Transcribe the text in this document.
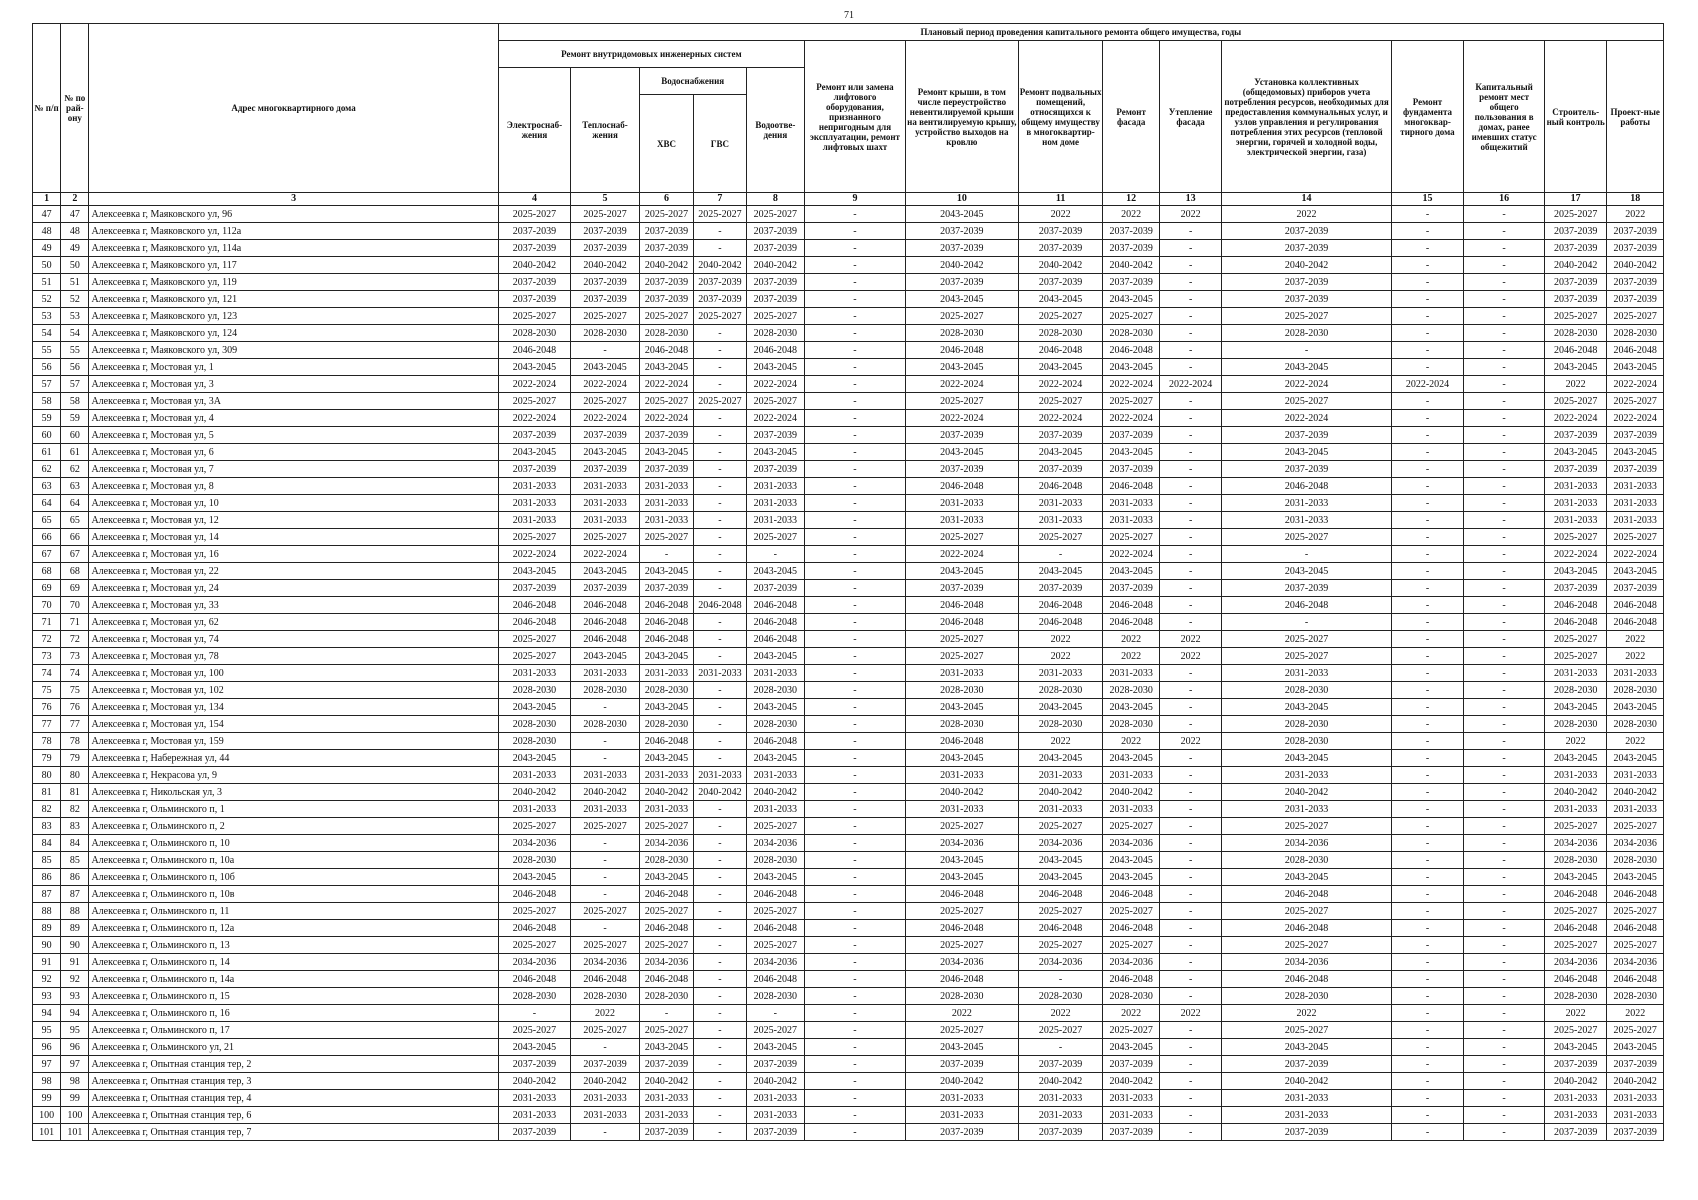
71
№ п/п	№ по рай-ону	Адрес многоквартирного дома	Плановый период проведения капитального ремонта общего имущества, годы														
			Ремонт внутридомовых инженерных систем					Ремонт или замена лифтового оборудования, признанного непригодным для эксплуатации, ремонт лифтовых шахт	Ремонт крыши, в том числе переустройство невентилируемой крыши на вентилируемую крышу, устройство выходов на кровлю	Ремонт подвальных помещений, относящихся к общему имуществу в многоквартир-ном доме	Ремонт фасада	Утепление фасада	Установка коллективных (общедомовых) приборов учета потребления ресурсов, необходимых для предоставления коммунальных услуг, и узлов управления и регулирования потребления этих ресурсов (тепловой энергии, горячей и холодной воды, электрической энергии, газа)	Ремонт фундамента многоквар-тирного дома	Капитальный ремонт мест общего пользования в домах, ранее имевших статус общежитий	Строитель-ный контроль	Проект-ные работы
			Электроснаб-жения	Теплоснаб-жения	Водоснабжения		Водоотве-дения										
					ХВС	ГВС											
1	2	3	4	5	6	7	8	9	10	11	12	13	14	15	16	17	18
47	47	Алексеевка г, Маяковского ул, 96	2025-2027	2025-2027	2025-2027	2025-2027	2025-2027	-	2043-2045	2022	2022	2022	2022	-	-	2025-2027	2022
48	48	Алексеевка г, Маяковского ул, 112а	2037-2039	2037-2039	2037-2039	-	2037-2039	-	2037-2039	2037-2039	2037-2039	-	2037-2039	-	-	2037-2039	2037-2039
49	49	Алексеевка г, Маяковского ул, 114а	2037-2039	2037-2039	2037-2039	-	2037-2039	-	2037-2039	2037-2039	2037-2039	-	2037-2039	-	-	2037-2039	2037-2039
50	50	Алексеевка г, Маяковского ул, 117	2040-2042	2040-2042	2040-2042	2040-2042	2040-2042	-	2040-2042	2040-2042	2040-2042	-	2040-2042	-	-	2040-2042	2040-2042
51	51	Алексеевка г, Маяковского ул, 119	2037-2039	2037-2039	2037-2039	2037-2039	2037-2039	-	2037-2039	2037-2039	2037-2039	-	2037-2039	-	-	2037-2039	2037-2039
52	52	Алексеевка г, Маяковского ул, 121	2037-2039	2037-2039	2037-2039	2037-2039	2037-2039	-	2043-2045	2043-2045	2043-2045	-	2037-2039	-	-	2037-2039	2037-2039
53	53	Алексеевка г, Маяковского ул, 123	2025-2027	2025-2027	2025-2027	2025-2027	2025-2027	-	2025-2027	2025-2027	2025-2027	-	2025-2027	-	-	2025-2027	2025-2027
54	54	Алексеевка г, Маяковского ул, 124	2028-2030	2028-2030	2028-2030	-	2028-2030	-	2028-2030	2028-2030	2028-2030	-	2028-2030	-	-	2028-2030	2028-2030
55	55	Алексеевка г, Маяковского ул, 309	2046-2048	-	2046-2048	-	2046-2048	-	2046-2048	2046-2048	2046-2048	-	-	-	-	2046-2048	2046-2048
56	56	Алексеевка г, Мостовая ул, 1	2043-2045	2043-2045	2043-2045	-	2043-2045	-	2043-2045	2043-2045	2043-2045	-	2043-2045	-	-	2043-2045	2043-2045
57	57	Алексеевка г, Мостовая ул, 3	2022-2024	2022-2024	2022-2024	-	2022-2024	-	2022-2024	2022-2024	2022-2024	2022-2024	2022-2024	2022-2024	-	2022	2022-2024
58	58	Алексеевка г, Мостовая ул, 3А	2025-2027	2025-2027	2025-2027	2025-2027	2025-2027	-	2025-2027	2025-2027	2025-2027	-	2025-2027	-	-	2025-2027	2025-2027
59	59	Алексеевка г, Мостовая ул, 4	2022-2024	2022-2024	2022-2024	-	2022-2024	-	2022-2024	2022-2024	2022-2024	-	2022-2024	-	-	2022-2024	2022-2024
60	60	Алексеевка г, Мостовая ул, 5	2037-2039	2037-2039	2037-2039	-	2037-2039	-	2037-2039	2037-2039	2037-2039	-	2037-2039	-	-	2037-2039	2037-2039
61	61	Алексеевка г, Мостовая ул, 6	2043-2045	2043-2045	2043-2045	-	2043-2045	-	2043-2045	2043-2045	2043-2045	-	2043-2045	-	-	2043-2045	2043-2045
62	62	Алексеевка г, Мостовая ул, 7	2037-2039	2037-2039	2037-2039	-	2037-2039	-	2037-2039	2037-2039	2037-2039	-	2037-2039	-	-	2037-2039	2037-2039
63	63	Алексеевка г, Мостовая ул, 8	2031-2033	2031-2033	2031-2033	-	2031-2033	-	2046-2048	2046-2048	2046-2048	-	2046-2048	-	-	2031-2033	2031-2033
64	64	Алексеевка г, Мостовая ул, 10	2031-2033	2031-2033	2031-2033	-	2031-2033	-	2031-2033	2031-2033	2031-2033	-	2031-2033	-	-	2031-2033	2031-2033
65	65	Алексеевка г, Мостовая ул, 12	2031-2033	2031-2033	2031-2033	-	2031-2033	-	2031-2033	2031-2033	2031-2033	-	2031-2033	-	-	2031-2033	2031-2033
66	66	Алексеевка г, Мостовая ул, 14	2025-2027	2025-2027	2025-2027	-	2025-2027	-	2025-2027	2025-2027	2025-2027	-	2025-2027	-	-	2025-2027	2025-2027
67	67	Алексеевка г, Мостовая ул, 16	2022-2024	2022-2024	-	-	-	-	2022-2024	-	2022-2024	-	-	-	-	2022-2024	2022-2024
68	68	Алексеевка г, Мостовая ул, 22	2043-2045	2043-2045	2043-2045	-	2043-2045	-	2043-2045	2043-2045	2043-2045	-	2043-2045	-	-	2043-2045	2043-2045
69	69	Алексеевка г, Мостовая ул, 24	2037-2039	2037-2039	2037-2039	-	2037-2039	-	2037-2039	2037-2039	2037-2039	-	2037-2039	-	-	2037-2039	2037-2039
70	70	Алексеевка г, Мостовая ул, 33	2046-2048	2046-2048	2046-2048	2046-2048	2046-2048	-	2046-2048	2046-2048	2046-2048	-	2046-2048	-	-	2046-2048	2046-2048
71	71	Алексеевка г, Мостовая ул, 62	2046-2048	2046-2048	2046-2048	-	2046-2048	-	2046-2048	2046-2048	2046-2048	-	-	-	-	2046-2048	2046-2048
72	72	Алексеевка г, Мостовая ул, 74	2025-2027	2046-2048	2046-2048	-	2046-2048	-	2025-2027	2022	2022	2022	2025-2027	-	-	2025-2027	2022
73	73	Алексеевка г, Мостовая ул, 78	2025-2027	2043-2045	2043-2045	-	2043-2045	-	2025-2027	2022	2022	2022	2025-2027	-	-	2025-2027	2022
74	74	Алексеевка г, Мостовая ул, 100	2031-2033	2031-2033	2031-2033	2031-2033	2031-2033	-	2031-2033	2031-2033	2031-2033	-	2031-2033	-	-	2031-2033	2031-2033
75	75	Алексеевка г, Мостовая ул, 102	2028-2030	2028-2030	2028-2030	-	2028-2030	-	2028-2030	2028-2030	2028-2030	-	2028-2030	-	-	2028-2030	2028-2030
76	76	Алексеевка г, Мостовая ул, 134	2043-2045	-	2043-2045	-	2043-2045	-	2043-2045	2043-2045	2043-2045	-	2043-2045	-	-	2043-2045	2043-2045
77	77	Алексеевка г, Мостовая ул, 154	2028-2030	2028-2030	2028-2030	-	2028-2030	-	2028-2030	2028-2030	2028-2030	-	2028-2030	-	-	2028-2030	2028-2030
78	78	Алексеевка г, Мостовая ул, 159	2028-2030	-	2046-2048	-	2046-2048	-	2046-2048	2022	2022	2022	2028-2030	-	-	2022	2022
79	79	Алексеевка г, Набережная ул, 44	2043-2045	-	2043-2045	-	2043-2045	-	2043-2045	2043-2045	2043-2045	-	2043-2045	-	-	2043-2045	2043-2045
80	80	Алексеевка г, Некрасова ул, 9	2031-2033	2031-2033	2031-2033	2031-2033	2031-2033	-	2031-2033	2031-2033	2031-2033	-	2031-2033	-	-	2031-2033	2031-2033
81	81	Алексеевка г, Никольская ул, 3	2040-2042	2040-2042	2040-2042	2040-2042	2040-2042	-	2040-2042	2040-2042	2040-2042	-	2040-2042	-	-	2040-2042	2040-2042
82	82	Алексеевка г, Ольминского п, 1	2031-2033	2031-2033	2031-2033	-	2031-2033	-	2031-2033	2031-2033	2031-2033	-	2031-2033	-	-	2031-2033	2031-2033
83	83	Алексеевка г, Ольминского п, 2	2025-2027	2025-2027	2025-2027	-	2025-2027	-	2025-2027	2025-2027	2025-2027	-	2025-2027	-	-	2025-2027	2025-2027
84	84	Алексеевка г, Ольминского п, 10	2034-2036	-	2034-2036	-	2034-2036	-	2034-2036	2034-2036	2034-2036	-	2034-2036	-	-	2034-2036	2034-2036
85	85	Алексеевка г, Ольминского п, 10а	2028-2030	-	2028-2030	-	2028-2030	-	2043-2045	2043-2045	2043-2045	-	2028-2030	-	-	2028-2030	2028-2030
86	86	Алексеевка г, Ольминского п, 10б	2043-2045	-	2043-2045	-	2043-2045	-	2043-2045	2043-2045	2043-2045	-	2043-2045	-	-	2043-2045	2043-2045
87	87	Алексеевка г, Ольминского п, 10в	2046-2048	-	2046-2048	-	2046-2048	-	2046-2048	2046-2048	2046-2048	-	2046-2048	-	-	2046-2048	2046-2048
88	88	Алексеевка г, Ольминского п, 11	2025-2027	2025-2027	2025-2027	-	2025-2027	-	2025-2027	2025-2027	2025-2027	-	2025-2027	-	-	2025-2027	2025-2027
89	89	Алексеевка г, Ольминского п, 12а	2046-2048	-	2046-2048	-	2046-2048	-	2046-2048	2046-2048	2046-2048	-	2046-2048	-	-	2046-2048	2046-2048
90	90	Алексеевка г, Ольминского п, 13	2025-2027	2025-2027	2025-2027	-	2025-2027	-	2025-2027	2025-2027	2025-2027	-	2025-2027	-	-	2025-2027	2025-2027
91	91	Алексеевка г, Ольминского п, 14	2034-2036	2034-2036	2034-2036	-	2034-2036	-	2034-2036	2034-2036	2034-2036	-	2034-2036	-	-	2034-2036	2034-2036
92	92	Алексеевка г, Ольминского п, 14а	2046-2048	2046-2048	2046-2048	-	2046-2048	-	2046-2048	-	2046-2048	-	2046-2048	-	-	2046-2048	2046-2048
93	93	Алексеевка г, Ольминского п, 15	2028-2030	2028-2030	2028-2030	-	2028-2030	-	2028-2030	2028-2030	2028-2030	-	2028-2030	-	-	2028-2030	2028-2030
94	94	Алексеевка г, Ольминского п, 16	-	2022	-	-	-	-	2022	2022	2022	2022	2022	-	-	2022	2022
95	95	Алексеевка г, Ольминского п, 17	2025-2027	2025-2027	2025-2027	-	2025-2027	-	2025-2027	2025-2027	2025-2027	-	2025-2027	-	-	2025-2027	2025-2027
96	96	Алексеевка г, Ольминского ул, 21	2043-2045	-	2043-2045	-	2043-2045	-	2043-2045	-	2043-2045	-	2043-2045	-	-	2043-2045	2043-2045
97	97	Алексеевка г, Опытная станция тер, 2	2037-2039	2037-2039	2037-2039	-	2037-2039	-	2037-2039	2037-2039	2037-2039	-	2037-2039	-	-	2037-2039	2037-2039
98	98	Алексеевка г, Опытная станция тер, 3	2040-2042	2040-2042	2040-2042	-	2040-2042	-	2040-2042	2040-2042	2040-2042	-	2040-2042	-	-	2040-2042	2040-2042
99	99	Алексеевка г, Опытная станция тер, 4	2031-2033	2031-2033	2031-2033	-	2031-2033	-	2031-2033	2031-2033	2031-2033	-	2031-2033	-	-	2031-2033	2031-2033
100	100	Алексеевка г, Опытная станция тер, 6	2031-2033	2031-2033	2031-2033	-	2031-2033	-	2031-2033	2031-2033	2031-2033	-	2031-2033	-	-	2031-2033	2031-2033
101	101	Алексеевка г, Опытная станция тер, 7	2037-2039	-	2037-2039	-	2037-2039	-	2037-2039	2037-2039	2037-2039	-	2037-2039	-	-	2037-2039	2037-2039
